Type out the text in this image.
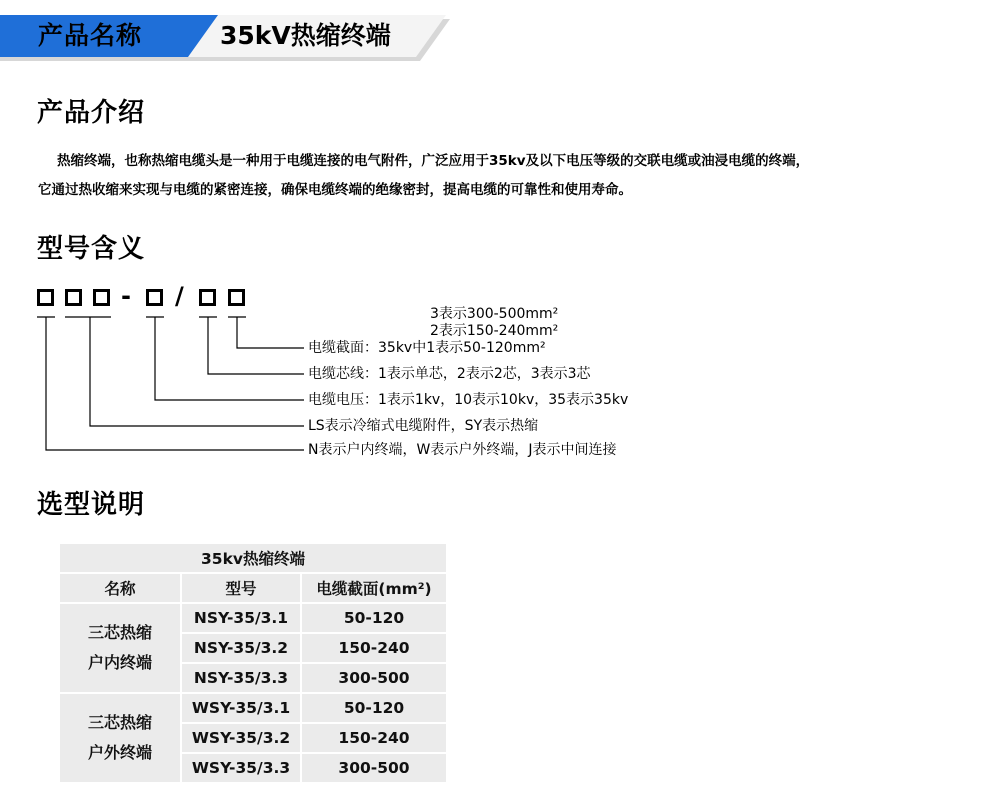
产品名称	35kV热缩终端
产品介绍

热缩终端，也称热缩电缆头是一种用于电缆连接的电气附件，广泛应用于35kv及以下电压等级的交联电缆或油浸电缆的终端，

它通过热收缩来实现与电缆的紧密连接，确保电缆终端的绝缘密封，提高电缆的可靠性和使用寿命。

型号含义
- /
3表示300-500mm²
2表示150-240mm²
电缆截面：35kv中1表示50-120mm²
电缆芯线：1表示单芯，2表示2芯，3表示3芯
电缆电压：1表示1kv，10表示10kv，35表示35kv
LS表示冷缩式电缆附件，SY表示热缩
N表示户内终端，W表示户外终端，J表示中间连接
选型说明
35kv热缩终端		
名称	型号	电缆截面(mm²)

三芯热缩
户内终端	NSY-35/3.1	50-120
	NSY-35/3.2	150-240
	NSY-35/3.3	300-500

三芯热缩
户外终端	WSY-35/3.1	50-120
	WSY-35/3.2	150-240
	WSY-35/3.3	300-500
